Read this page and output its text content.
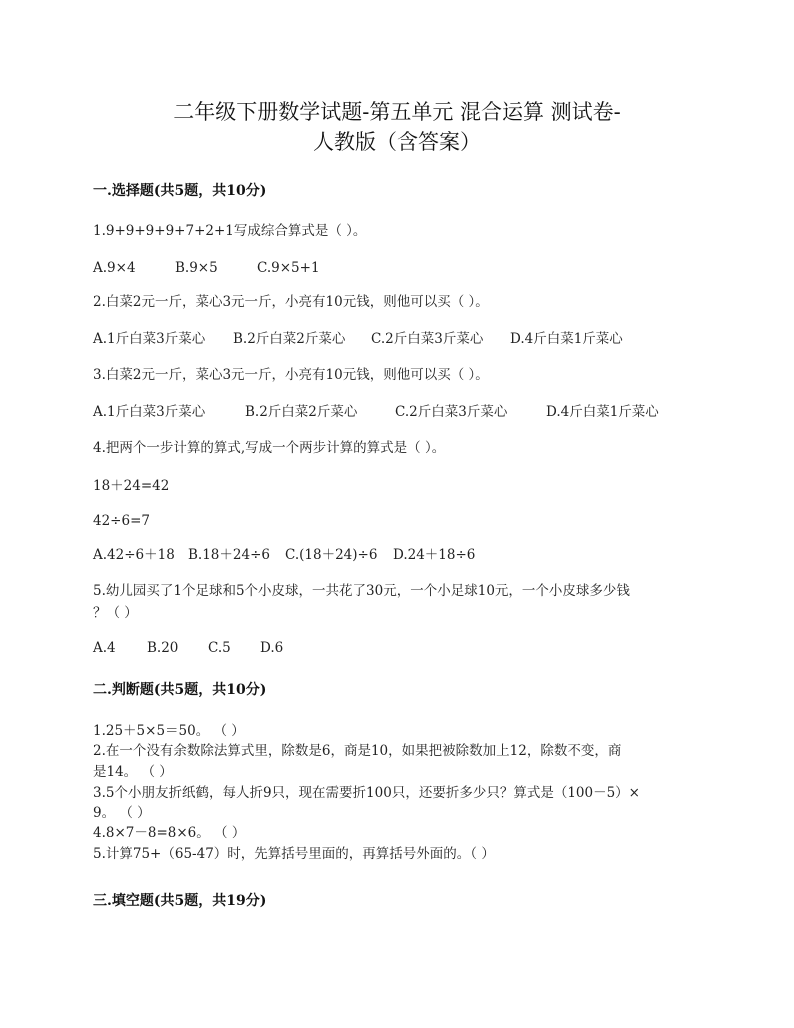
二年级下册数学试题-第五单元 混合运算 测试卷-
人教版（含答案）
一.选择题(共5题，共10分)
1.9+9+9+9+7+2+1写成综合算式是（ ）。
A.9×4	B.9×5	C.9×5+1
2.白菜2元一斤，菜心3元一斤，小亮有10元钱，则他可以买（ ）。
A.1斤白菜3斤菜心 B.2斤白菜2斤菜心 C.2斤白菜3斤菜心 D.4斤白菜1斤菜心
3.白菜2元一斤，菜心3元一斤，小亮有10元钱，则他可以买（ ）。
A.1斤白菜3斤菜心	B.2斤白菜2斤菜心	C.2斤白菜3斤菜心	D.4斤白菜1斤菜心
4.把两个一步计算的算式,写成一个两步计算的算式是（ ）。
18＋24=42
42÷6=7
A.42÷6＋18 B.18＋24÷6 C.(18＋24)÷6 D.24＋18÷6
5.幼儿园买了1个足球和5个小皮球，一共花了30元，一个小足球10元，一个小皮球多少钱
？（ ）
A.4 B.20 C.5 D.6
二.判断题(共5题，共10分)
1.25＋5×5＝50。 （ ）
2.在一个没有余数除法算式里，除数是6，商是10，如果把被除数加上12，除数不变，商
是14。 （ ）
3.5个小朋友折纸鹤，每人折9只，现在需要折100只，还要折多少只？算式是（100－5）×
9。 （ ）
4.8×7－8=8×6。 （ ）
5.计算75+（65-47）时，先算括号里面的，再算括号外面的。（ ）
三.填空题(共5题，共19分)
